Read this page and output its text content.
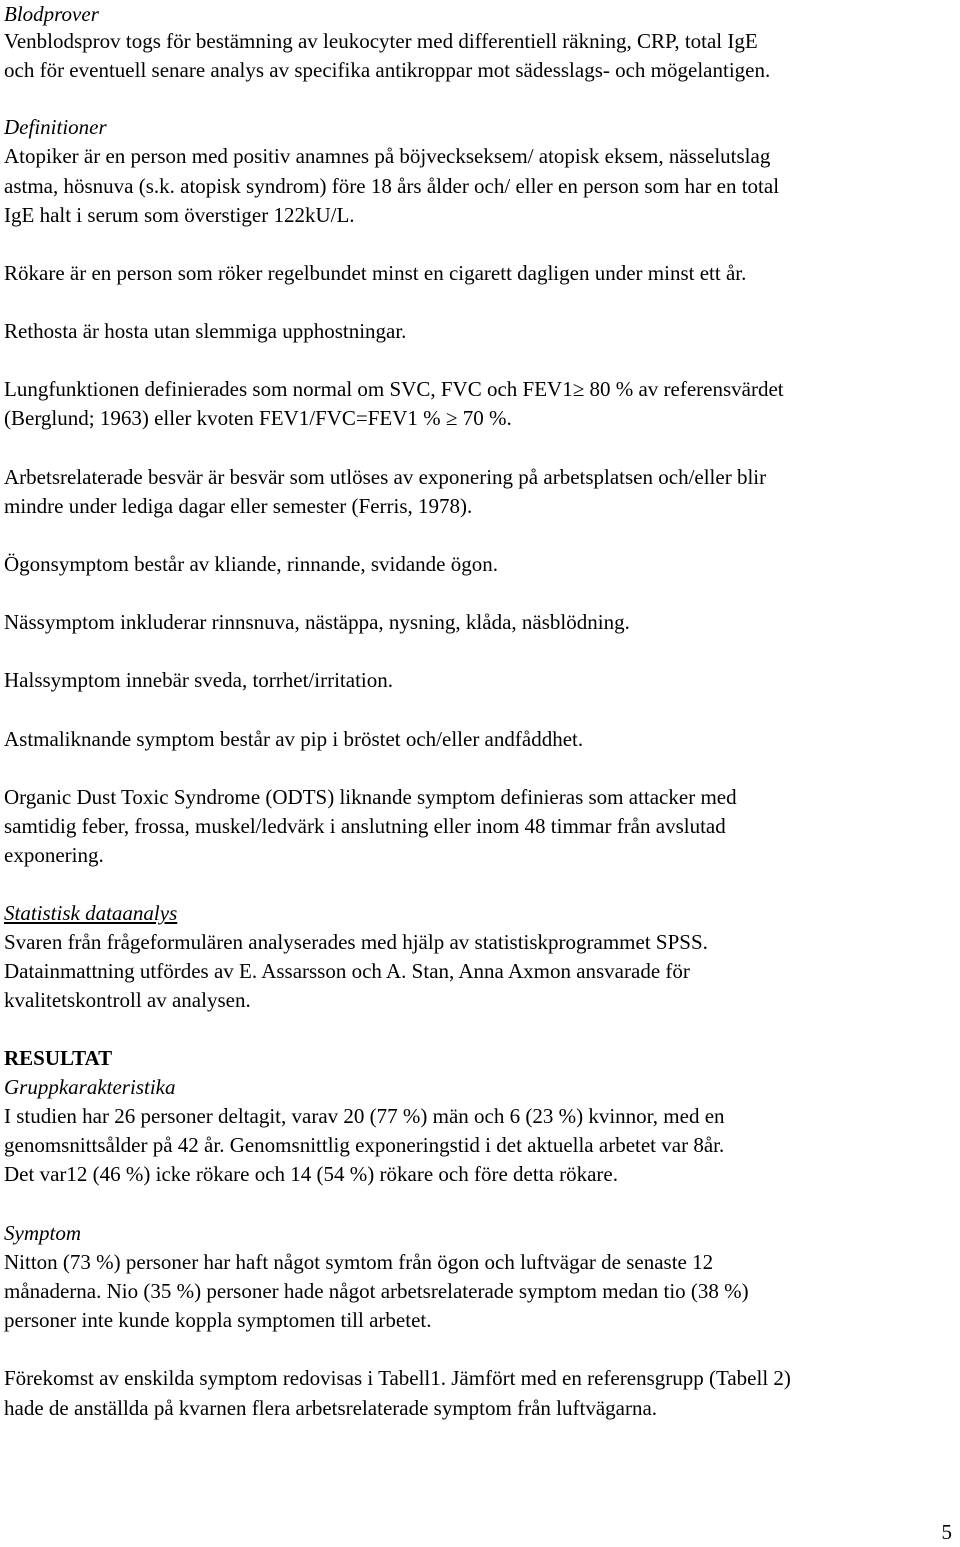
Blodprover
Venblodsprov togs för bestämning av leukocyter med differentiell räkning, CRP, total IgE
och för eventuell senare analys av specifika antikroppar mot sädesslags- och mögelantigen.
Definitioner
Atopiker är en person med positiv anamnes på böjveckseksem/ atopisk eksem, nässelutslag
astma, hösnuva (s.k. atopisk syndrom) före 18 års ålder och/ eller en person som har en total
IgE halt i serum som överstiger 122kU/L.
Rökare är en person som röker regelbundet minst en cigarett dagligen under minst ett år.
Rethosta är hosta utan slemmiga upphostningar.
Lungfunktionen definierades som normal om SVC, FVC och FEV1≥ 80 % av referensvärdet
(Berglund; 1963) eller kvoten FEV1/FVC=FEV1 % ≥ 70 %.
Arbetsrelaterade besvär är besvär som utlöses av exponering på arbetsplatsen och/eller blir
mindre under lediga dagar eller semester (Ferris, 1978).
Ögonsymptom består av kliande, rinnande, svidande ögon.
Nässymptom inkluderar rinnsnuva, nästäppa, nysning, klåda, näsblödning.
Halssymptom innebär sveda, torrhet/irritation.
Astmaliknande symptom består av pip i bröstet och/eller andfåddhet.
Organic Dust Toxic Syndrome (ODTS) liknande symptom definieras som attacker med
samtidig feber, frossa, muskel/ledvärk i anslutning eller inom 48 timmar från avslutad
exponering.
Statistisk dataanalys
Svaren från frågeformulären analyserades med hjälp av statistiskprogrammet SPSS.
Datainmattning utfördes av E. Assarsson och A. Stan, Anna Axmon ansvarade för
kvalitetskontroll av analysen.
RESULTAT
Gruppkarakteristika
I studien har 26 personer deltagit, varav 20 (77 %) män och 6 (23 %) kvinnor, med en
genomsnittsålder på 42 år. Genomsnittlig exponeringstid i det aktuella arbetet var 8år.
Det var12 (46 %) icke rökare och 14 (54 %) rökare och före detta rökare.
Symptom
Nitton (73 %) personer har haft något symtom från ögon och luftvägar de senaste 12
månaderna. Nio (35 %) personer hade något arbetsrelaterade symptom medan tio (38 %)
personer inte kunde koppla symptomen till arbetet.
Förekomst av enskilda symptom redovisas i Tabell1. Jämfört med en referensgrupp (Tabell 2)
hade de anställda på kvarnen flera arbetsrelaterade symptom från luftvägarna.
5
